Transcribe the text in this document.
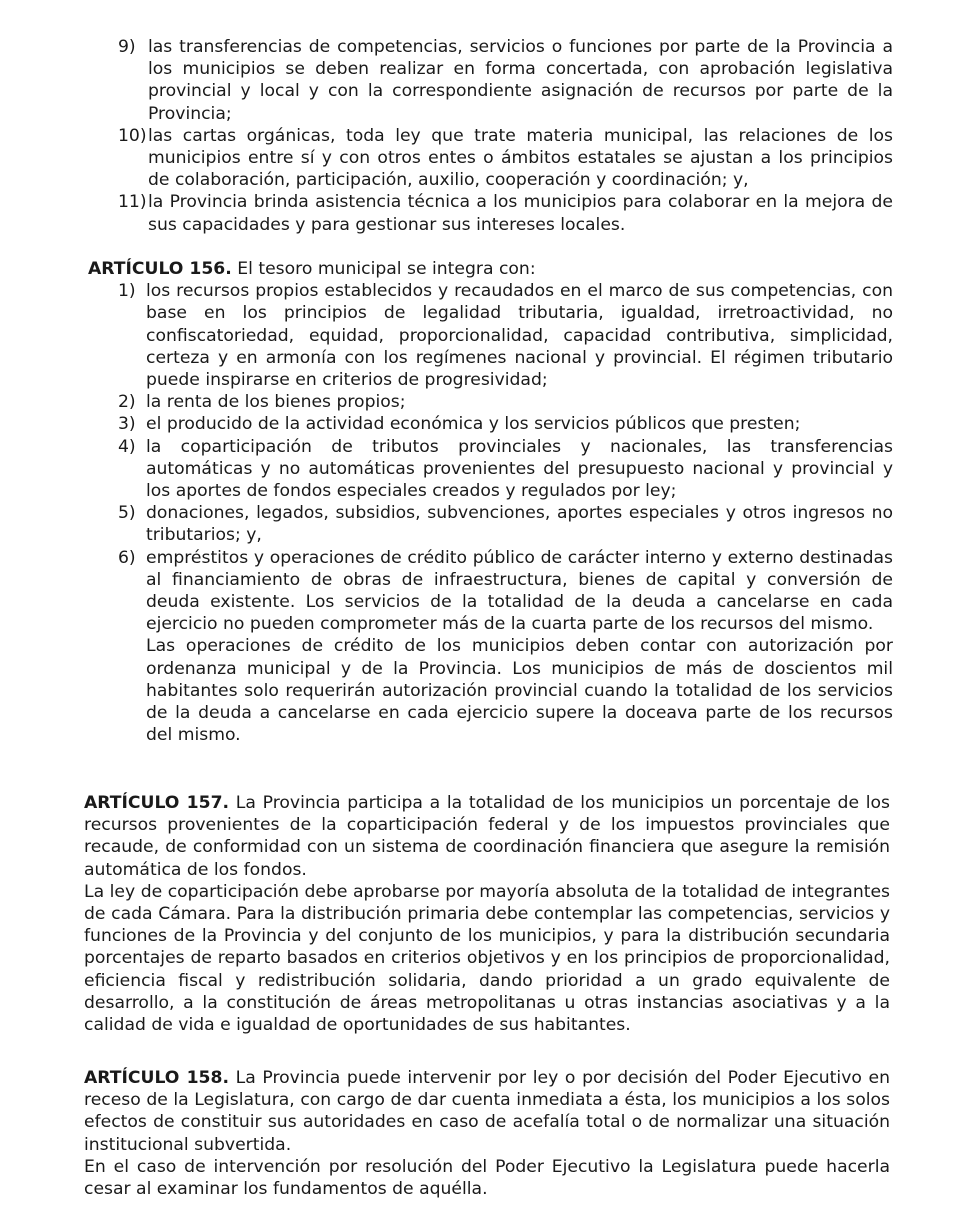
9) las transferencias de competencias, servicios o funciones por parte de la Provincia a los municipios se deben realizar en forma concertada, con aprobación legislativa provincial y local y con la correspondiente asignación de recursos por parte de la Provincia;
10) las cartas orgánicas, toda ley que trate materia municipal, las relaciones de los municipios entre sí y con otros entes o ámbitos estatales se ajustan a los principios de colaboración, participación, auxilio, cooperación y coordinación; y,
11) la Provincia brinda asistencia técnica a los municipios para colaborar en la mejora de sus capacidades y para gestionar sus intereses locales.

ARTÍCULO 156. El tesoro municipal se integra con:

1) los recursos propios establecidos y recaudados en el marco de sus competencias, con base en los principios de legalidad tributaria, igualdad, irretroactividad, no confiscatoriedad, equidad, proporcionalidad, capacidad contributiva, simplicidad, certeza y en armonía con los regímenes nacional y provincial. El régimen tributario puede inspirarse en criterios de progresividad;
2) la renta de los bienes propios;
3) el producido de la actividad económica y los servicios públicos que presten;
4) la coparticipación de tributos provinciales y nacionales, las transferencias automáticas y no automáticas provenientes del presupuesto nacional y provincial y los aportes de fondos especiales creados y regulados por ley;
5) donaciones, legados, subsidios, subvenciones, aportes especiales y otros ingresos no tributarios; y,
6) empréstitos y operaciones de crédito público de carácter interno y externo destinadas al financiamiento de obras de infraestructura, bienes de capital y conversión de deuda existente. Los servicios de la totalidad de la deuda a cancelarse en cada ejercicio no pueden comprometer más de la cuarta parte de los recursos del mismo.

Las operaciones de crédito de los municipios deben contar con autorización por ordenanza municipal y de la Provincia. Los municipios de más de doscientos mil habitantes solo requerirán autorización provincial cuando la totalidad de los servicios de la deuda a cancelarse en cada ejercicio supere la doceava parte de los recursos del mismo.

ARTÍCULO 157. La Provincia participa a la totalidad de los municipios un porcentaje de los recursos provenientes de la coparticipación federal y de los impuestos provinciales que recaude, de conformidad con un sistema de coordinación financiera que asegure la remisión automática de los fondos.

La ley de coparticipación debe aprobarse por mayoría absoluta de la totalidad de integrantes de cada Cámara. Para la distribución primaria debe contemplar las competencias, servicios y funciones de la Provincia y del conjunto de los municipios, y para la distribución secundaria porcentajes de reparto basados en criterios objetivos y en los principios de proporcionalidad, eficiencia fiscal y redistribución solidaria, dando prioridad a un grado equivalente de desarrollo, a la constitución de áreas metropolitanas u otras instancias asociativas y a la calidad de vida e igualdad de oportunidades de sus habitantes.

ARTÍCULO 158. La Provincia puede intervenir por ley o por decisión del Poder Ejecutivo en receso de la Legislatura, con cargo de dar cuenta inmediata a ésta, los municipios a los solos efectos de constituir sus autoridades en caso de acefalía total o de normalizar una situación institucional subvertida.

En el caso de intervención por resolución del Poder Ejecutivo la Legislatura puede hacerla cesar al examinar los fundamentos de aquélla.
